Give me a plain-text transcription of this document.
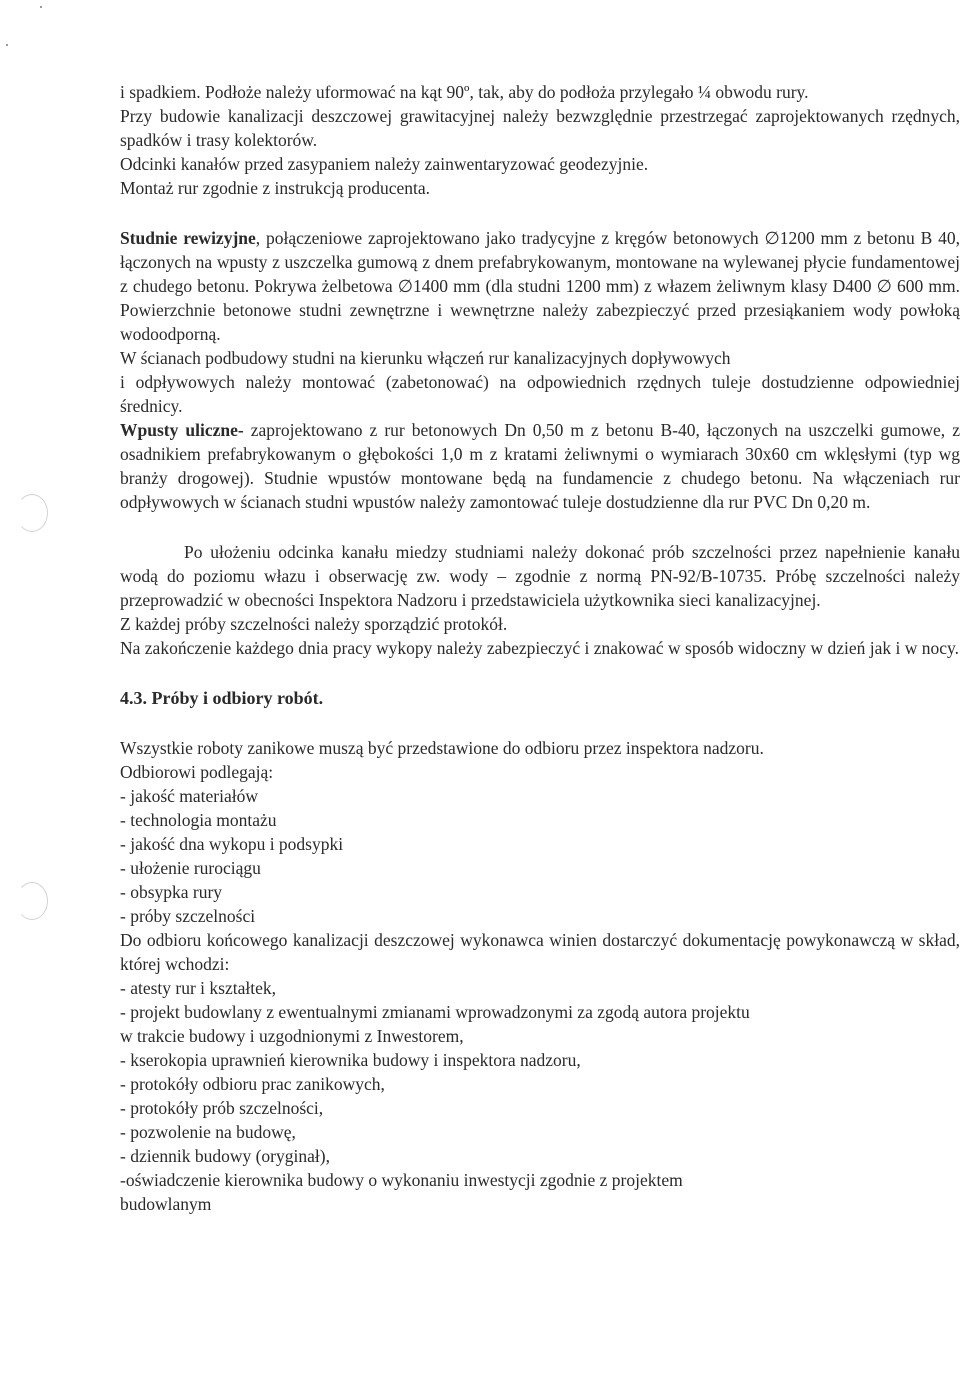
i spadkiem. Podłoże należy uformować na kąt 90º, tak, aby do podłoża przylegało ¼ obwodu rury.

Przy budowie kanalizacji deszczowej grawitacyjnej należy bezwzględnie przestrzegać zaprojektowanych rzędnych, spadków i trasy kolektorów.

Odcinki kanałów przed zasypaniem należy zainwentaryzować geodezyjnie.

Montaż rur zgodnie z instrukcją producenta.

Studnie rewizyjne, połączeniowe zaprojektowano jako tradycyjne z kręgów betonowych ∅1200 mm z betonu B 40, łączonych na wpusty z uszczelka gumową z dnem prefabrykowanym, montowane na wylewanej płycie fundamentowej z chudego betonu. Pokrywa żelbetowa ∅1400 mm (dla studni 1200 mm) z włazem żeliwnym klasy D400 ∅ 600 mm. Powierzchnie betonowe studni zewnętrzne i wewnętrzne należy zabezpieczyć przed przesiąkaniem wody powłoką wodoodporną.

W ścianach podbudowy studni na kierunku włączeń rur kanalizacyjnych dopływowych

i odpływowych należy montować (zabetonować) na odpowiednich rzędnych tuleje dostudzienne odpowiedniej średnicy.

Wpusty uliczne- zaprojektowano z rur betonowych Dn 0,50 m z betonu B-40, łączonych na uszczelki gumowe, z osadnikiem prefabrykowanym o głębokości 1,0 m z kratami żeliwnymi o wymiarach 30x60 cm wklęsłymi (typ wg branży drogowej). Studnie wpustów montowane będą na fundamencie z chudego betonu. Na włączeniach rur odpływowych w ścianach studni wpustów należy zamontować tuleje dostudzienne dla rur PVC Dn 0,20 m.

Po ułożeniu odcinka kanału miedzy studniami należy dokonać prób szczelności przez napełnienie kanału wodą do poziomu włazu i obserwację zw. wody – zgodnie z normą PN-92/B-10735. Próbę szczelności należy przeprowadzić w obecności Inspektora Nadzoru i przedstawiciela użytkownika sieci kanalizacyjnej.

Z każdej próby szczelności należy sporządzić protokół.

Na zakończenie każdego dnia pracy wykopy należy zabezpieczyć i znakować w sposób widoczny w dzień jak i w nocy.

4.3. Próby i odbiory robót.

Wszystkie roboty zanikowe muszą być przedstawione do odbioru przez inspektora nadzoru.

Odbiorowi podlegają:

- jakość materiałów
- technologia montażu
- jakość dna wykopu i podsypki
- ułożenie rurociągu
- obsypka rury
- próby szczelności

Do odbioru końcowego kanalizacji deszczowej wykonawca winien dostarczyć dokumentację powykonawczą w skład, której wchodzi:

- atesty rur i kształtek,
- projekt budowlany z ewentualnymi zmianami wprowadzonymi za zgodą autora projektu
w trakcie budowy i uzgodnionymi z Inwestorem,
- kserokopia uprawnień kierownika budowy i inspektora nadzoru,
- protokóły odbioru prac zanikowych,
- protokóły prób szczelności,
- pozwolenie na budowę,
- dziennik budowy (oryginał),
-oświadczenie kierownika budowy o wykonaniu inwestycji zgodnie z projektem
budowlanym
